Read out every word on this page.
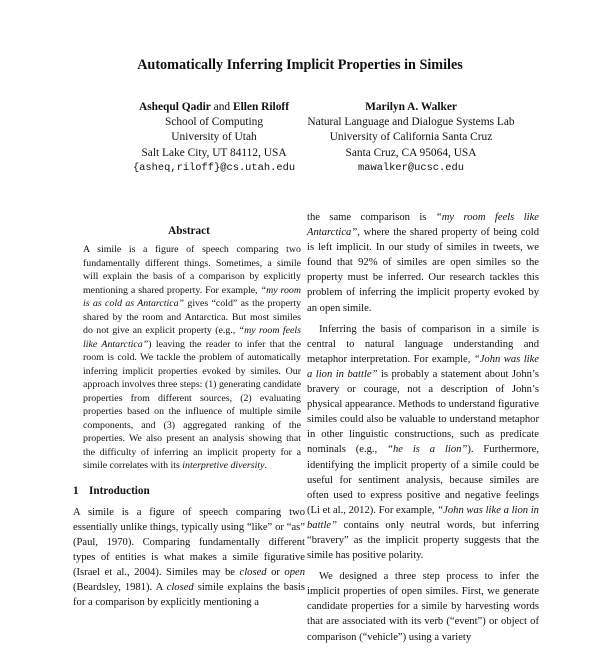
Automatically Inferring Implicit Properties in Similes
Ashequl Qadir and Ellen Riloff
School of Computing
University of Utah
Salt Lake City, UT 84112, USA
{asheq,riloff}@cs.utah.edu
Marilyn A. Walker
Natural Language and Dialogue Systems Lab
University of California Santa Cruz
Santa Cruz, CA 95064, USA
mawalker@ucsc.edu
Abstract
A simile is a figure of speech comparing two fundamentally different things. Sometimes, a simile will explain the basis of a comparison by explicitly mentioning a shared property. For example, “my room is as cold as Antarctica” gives “cold” as the property shared by the room and Antarctica. But most similes do not give an explicit property (e.g., “my room feels like Antarctica”) leaving the reader to infer that the room is cold. We tackle the problem of automatically inferring implicit properties evoked by similes. Our approach involves three steps: (1) generating candidate properties from different sources, (2) evaluating properties based on the influence of multiple simile components, and (3) aggregated ranking of the properties. We also present an analysis showing that the difficulty of inferring an implicit property for a simile correlates with its interpretive diversity.
1 Introduction
A simile is a figure of speech comparing two essentially unlike things, typically using “like” or “as” (Paul, 1970). Comparing fundamentally different types of entities is what makes a simile figurative (Israel et al., 2004). Similes may be closed or open (Beardsley, 1981). A closed simile explains the basis for a comparison by explicitly mentioning a
the same comparison is “my room feels like Antarctica”, where the shared property of being cold is left implicit. In our study of similes in tweets, we found that 92% of similes are open similes so the property must be inferred. Our research tackles this problem of inferring the implicit property evoked by an open simile.
Inferring the basis of comparison in a simile is central to natural language understanding and metaphor interpretation. For example, “John was like a lion in battle” is probably a statement about John’s bravery or courage, not a description of John’s physical appearance. Methods to understand figurative similes could also be valuable to understand metaphor in other linguistic constructions, such as predicate nominals (e.g., “he is a lion”). Furthermore, identifying the implicit property of a simile could be useful for sentiment analysis, because similes are often used to express positive and negative feelings (Li et al., 2012). For example, “John was like a lion in battle” contains only neutral words, but inferring “bravery” as the implicit property suggests that the simile has positive polarity.
We designed a three step process to infer the implicit properties of open similes. First, we generate candidate properties for a simile by harvesting words that are associated with its verb (“event”) or object of comparison (“vehicle”) using a variety
